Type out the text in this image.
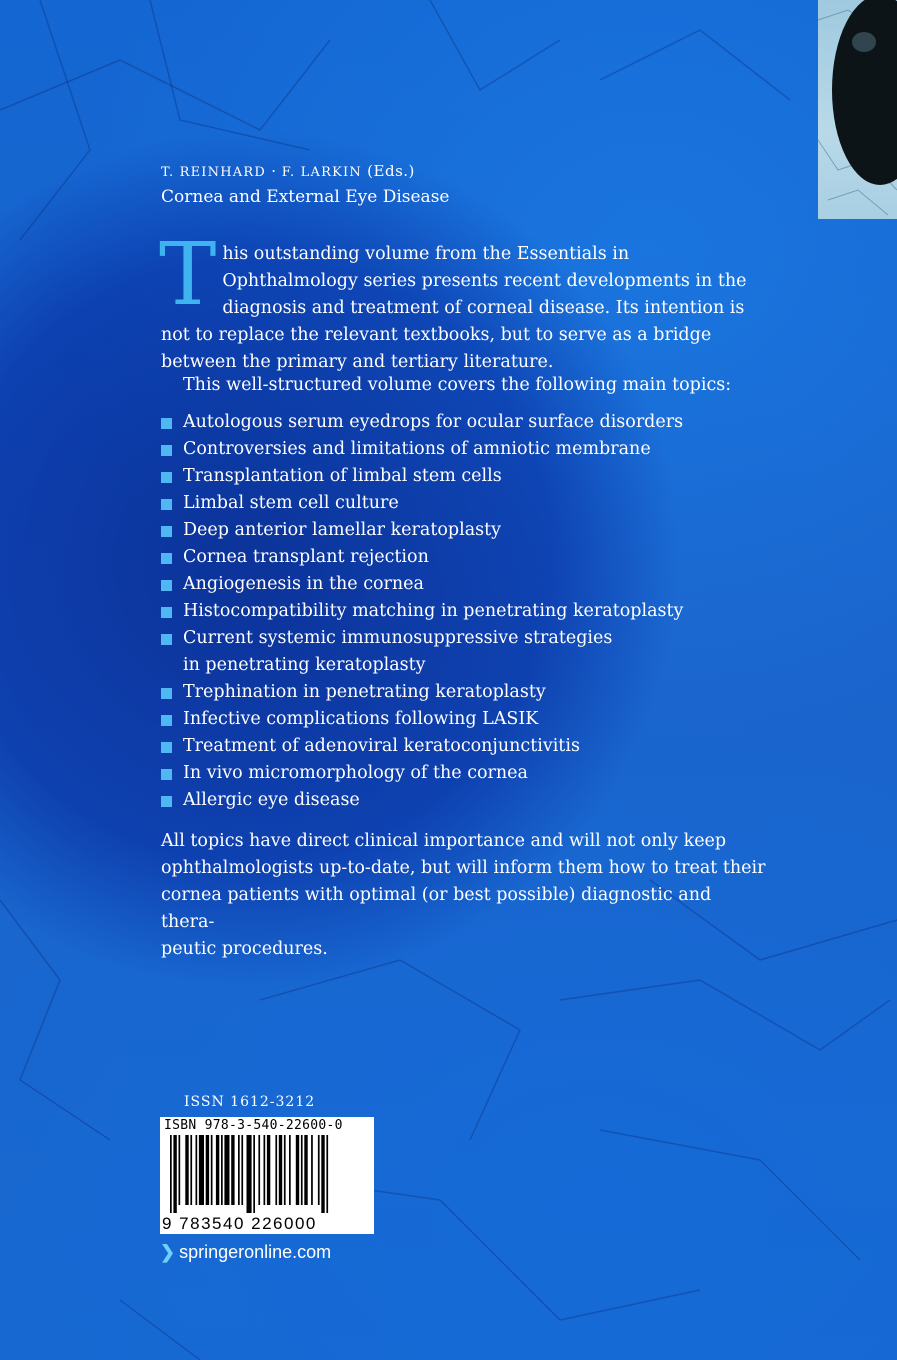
T. REINHARD · F. LARKIN (Eds.)
Cornea and External Eye Disease
T his outstanding volume from the Essentials in Ophthalmology series presents recent developments in the diagnosis and treatment of corneal disease. Its intention is not to replace the relevant textbooks, but to serve as a bridge between the primary and tertiary literature.
This well-structured volume covers the following main topics:
Autologous serum eyedrops for ocular surface disorders
Controversies and limitations of amniotic membrane
Transplantation of limbal stem cells
Limbal stem cell culture
Deep anterior lamellar keratoplasty
Cornea transplant rejection
Angiogenesis in the cornea
Histocompatibility matching in penetrating keratoplasty
Current systemic immunosuppressive strategies in penetrating keratoplasty
Trephination in penetrating keratoplasty
Infective complications following LASIK
Treatment of adenoviral keratoconjunctivitis
In vivo micromorphology of the cornea
Allergic eye disease
All topics have direct clinical importance and will not only keep
ophthalmologists up-to-date, but will inform them how to treat their
cornea patients with optimal (or best possible) diagnostic and thera-
peutic procedures.
ISSN 1612-3212
ISBN 978-3-540-22600-0
9 783540 226000
❯ springeronline.com
